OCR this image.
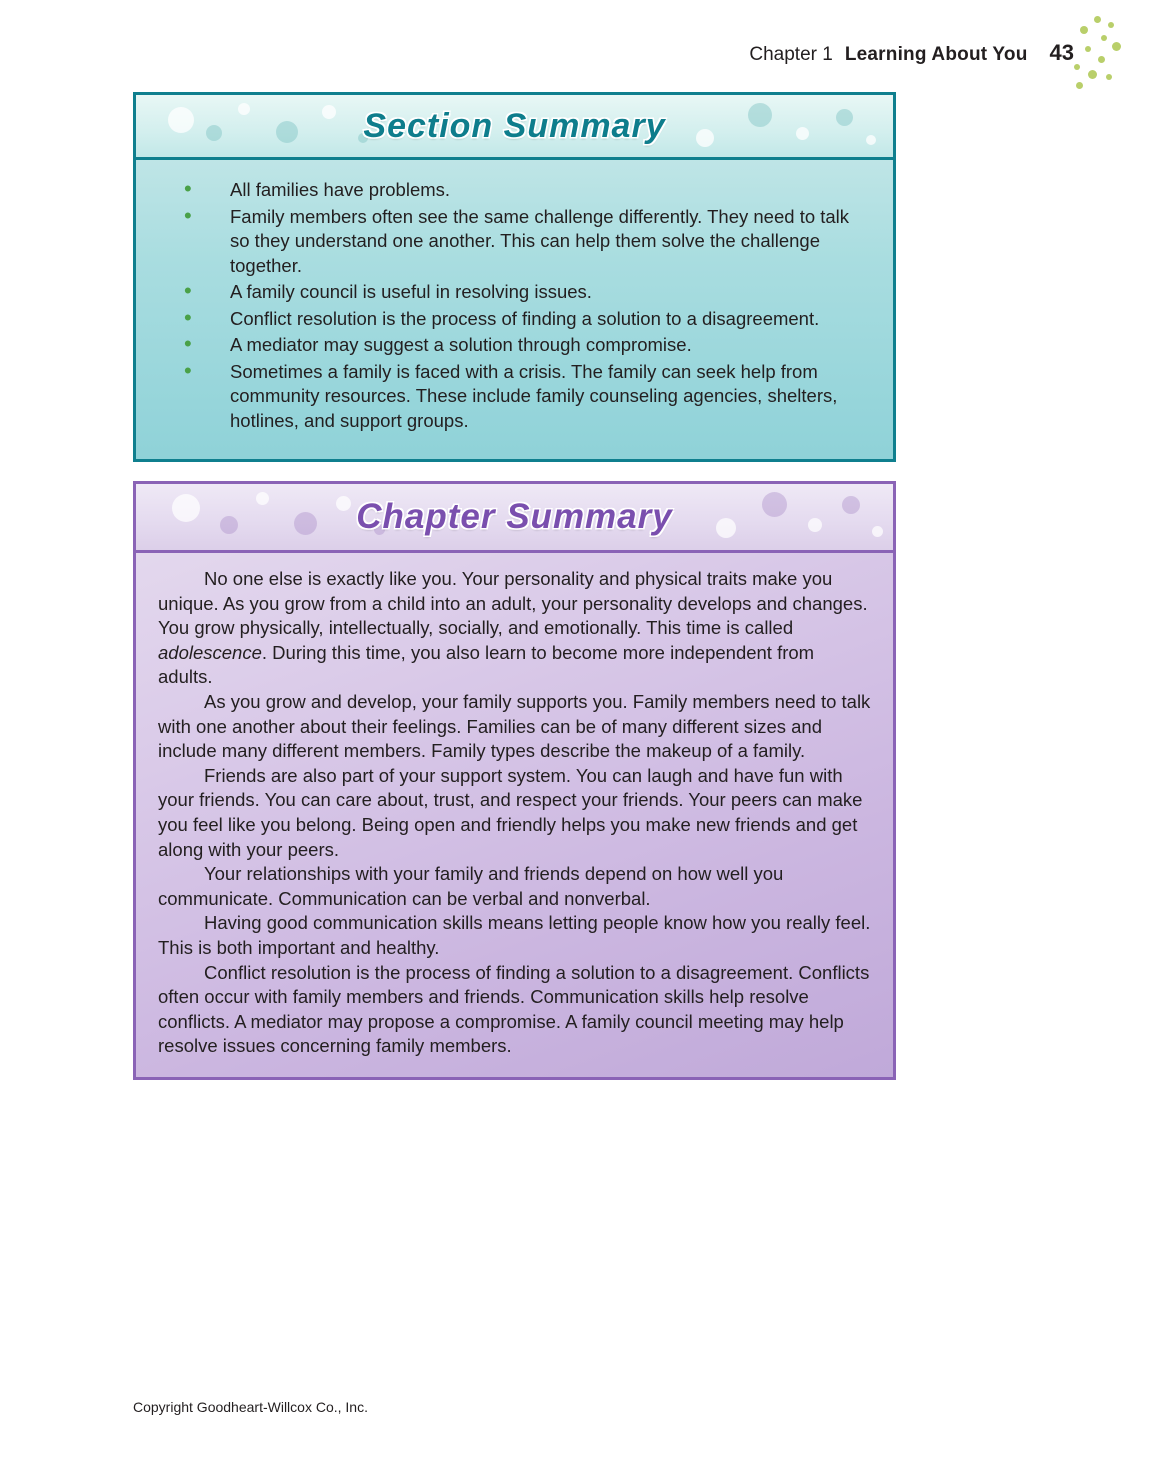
Chapter 1 Learning About You 43
Section Summary
• All families have problems.
• Family members often see the same challenge differently. They need to talk so they understand one another. This can help them solve the challenge together.
• A family council is useful in resolving issues.
• Conflict resolution is the process of finding a solution to a disagreement.
• A mediator may suggest a solution through compromise.
• Sometimes a family is faced with a crisis. The family can seek help from community resources. These include family counseling agencies, shelters, hotlines, and support groups.
Chapter Summary

No one else is exactly like you. Your personality and physical traits make you unique. As you grow from a child into an adult, your personality develops and changes. You grow physically, intellectually, socially, and emotionally. This time is called adolescence. During this time, you also learn to become more independent from adults.

As you grow and develop, your family supports you. Family members need to talk with one another about their feelings. Families can be of many different sizes and include many different members. Family types describe the makeup of a family.

Friends are also part of your support system. You can laugh and have fun with your friends. You can care about, trust, and respect your friends. Your peers can make you feel like you belong. Being open and friendly helps you make new friends and get along with your peers.

Your relationships with your family and friends depend on how well you communicate. Communication can be verbal and nonverbal.

Having good communication skills means letting people know how you really feel. This is both important and healthy.

Conflict resolution is the process of finding a solution to a disagreement. Conflicts often occur with family members and friends. Communication skills help resolve conflicts. A mediator may propose a compromise. A family council meeting may help resolve issues concerning family members.

Copyright Goodheart-Willcox Co., Inc.
